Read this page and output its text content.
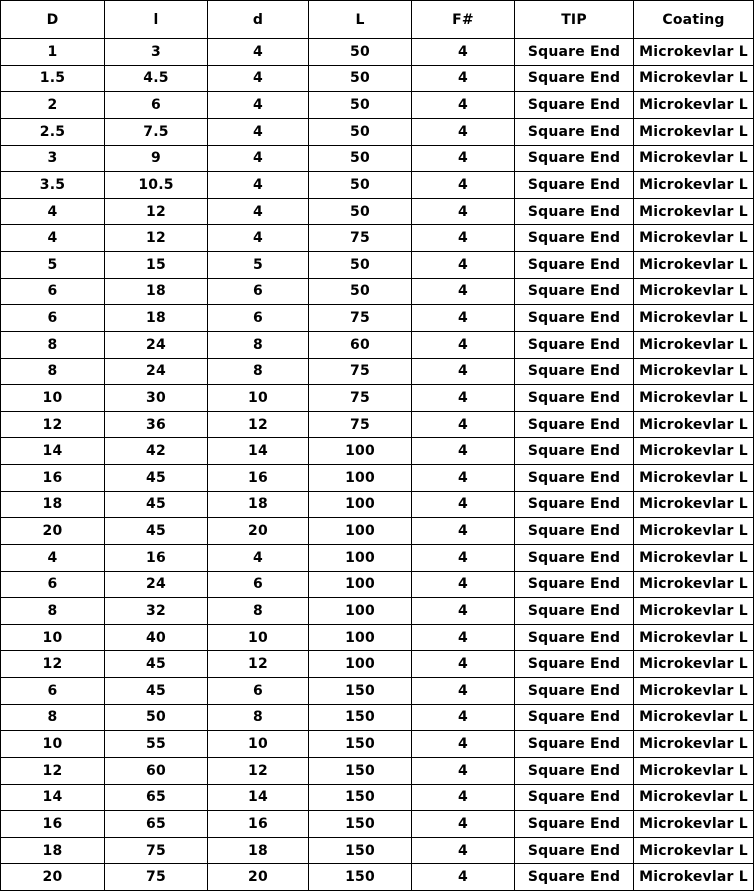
D	l	d	L	F#	TIP	Coating
1	3	4	50	4	Square End	Microkevlar L
1.5	4.5	4	50	4	Square End	Microkevlar L
2	6	4	50	4	Square End	Microkevlar L
2.5	7.5	4	50	4	Square End	Microkevlar L
3	9	4	50	4	Square End	Microkevlar L
3.5	10.5	4	50	4	Square End	Microkevlar L
4	12	4	50	4	Square End	Microkevlar L
4	12	4	75	4	Square End	Microkevlar L
5	15	5	50	4	Square End	Microkevlar L
6	18	6	50	4	Square End	Microkevlar L
6	18	6	75	4	Square End	Microkevlar L
8	24	8	60	4	Square End	Microkevlar L
8	24	8	75	4	Square End	Microkevlar L
10	30	10	75	4	Square End	Microkevlar L
12	36	12	75	4	Square End	Microkevlar L
14	42	14	100	4	Square End	Microkevlar L
16	45	16	100	4	Square End	Microkevlar L
18	45	18	100	4	Square End	Microkevlar L
20	45	20	100	4	Square End	Microkevlar L
4	16	4	100	4	Square End	Microkevlar L
6	24	6	100	4	Square End	Microkevlar L
8	32	8	100	4	Square End	Microkevlar L
10	40	10	100	4	Square End	Microkevlar L
12	45	12	100	4	Square End	Microkevlar L
6	45	6	150	4	Square End	Microkevlar L
8	50	8	150	4	Square End	Microkevlar L
10	55	10	150	4	Square End	Microkevlar L
12	60	12	150	4	Square End	Microkevlar L
14	65	14	150	4	Square End	Microkevlar L
16	65	16	150	4	Square End	Microkevlar L
18	75	18	150	4	Square End	Microkevlar L
20	75	20	150	4	Square End	Microkevlar L
